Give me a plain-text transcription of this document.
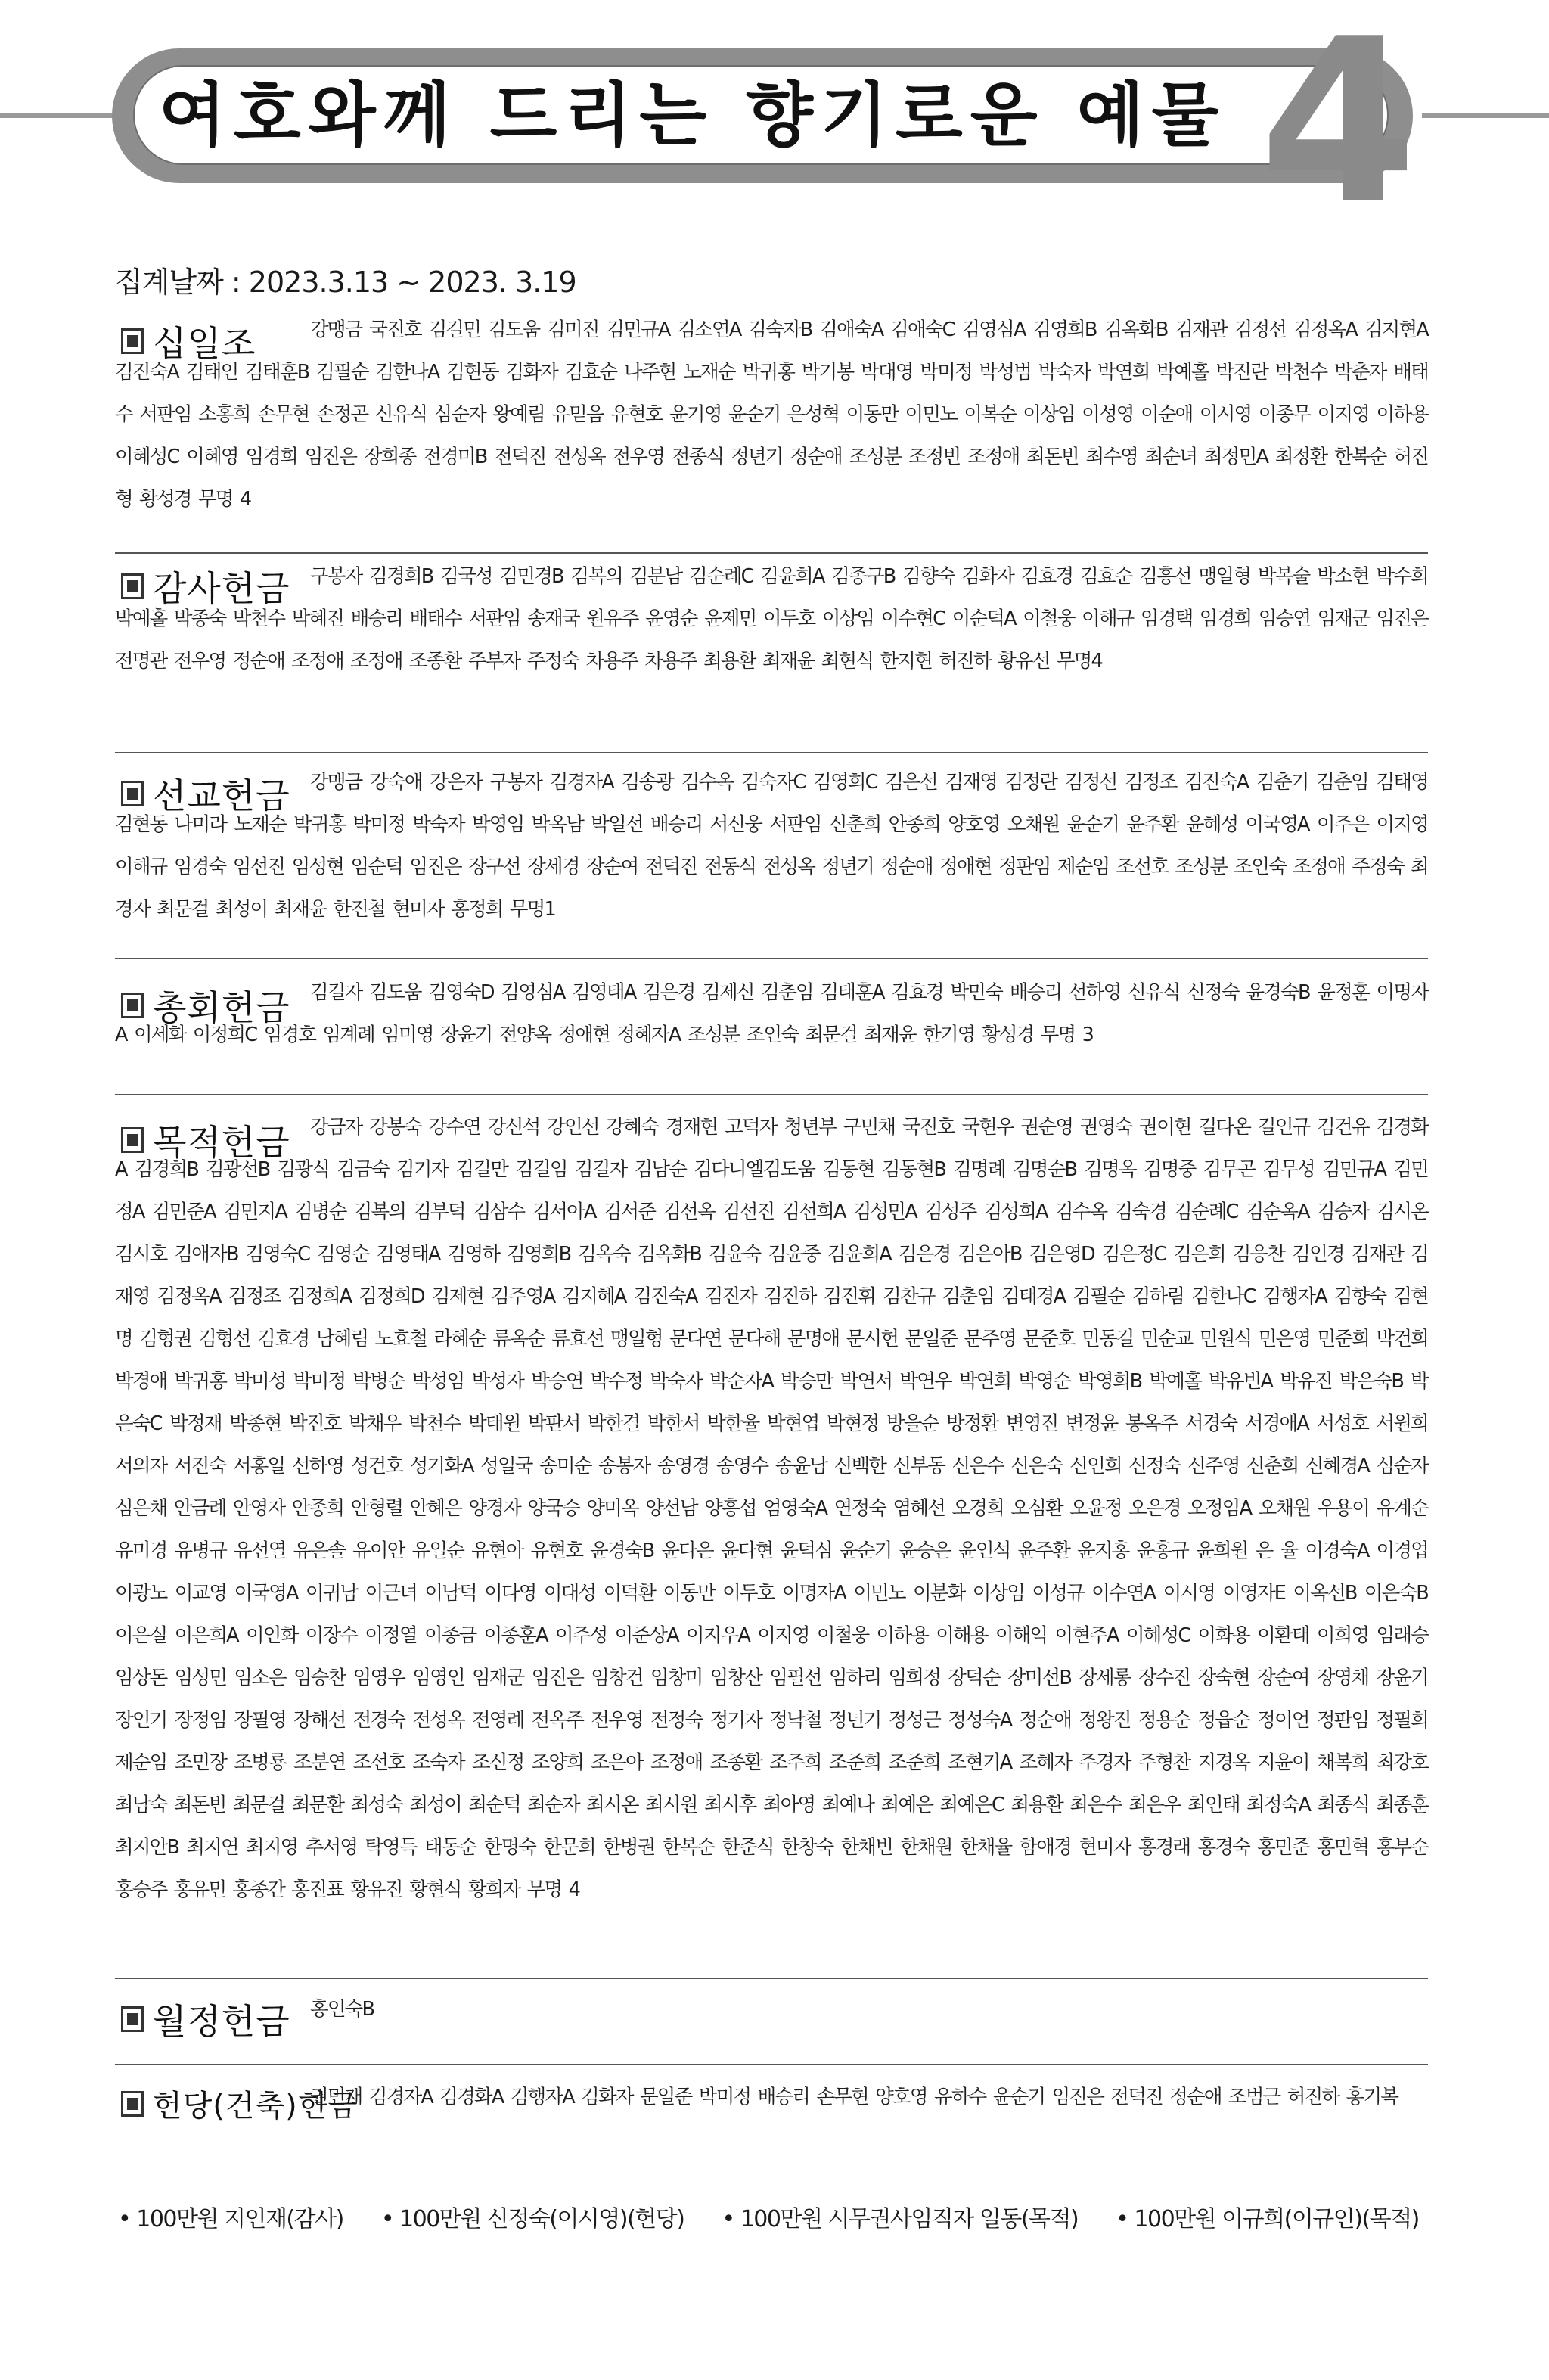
여호와께 드리는 향기로운 예물 4
집계날짜 : 2023.3.13 ~ 2023. 3.19
십일조	강맹금 국진호 김길민 김도움 김미진 김민규A 김소연A 김숙자B 김애숙A 김애숙C 김영심A 김영희B 김옥화B 김재관 김정선 김정옥A 김지현A 김진숙A 김태인 김태훈B 김필순 김한나A 김현동 김화자 김효순 나주현 노재순 박귀홍 박기봉 박대영 박미정 박성범 박숙자 박연희 박예홀 박진란 박천수 박춘자 배태수 서판임 소홍희 손무현 손정곤 신유식 심순자 왕예림 유믿음 유현호 윤기영 윤순기 은성혁 이동만 이민노 이복순 이상임 이성영 이순애 이시영 이종무 이지영 이하용 이혜성C 이혜영 임경희 임진은 장희종 전경미B 전덕진 전성옥 전우영 전종식 정년기 정순애 조성분 조정빈 조정애 최돈빈 최수영 최순녀 최정민A 최정환 한복순 허진형 황성경 무명 4
감사헌금	구봉자 김경희B 김국성 김민경B 김복의 김분남 김순례C 김윤희A 김종구B 김향숙 김화자 김효경 김효순 김흥선 맹일형 박복술 박소현 박수희 박예홀 박종숙 박천수 박혜진 배승리 배태수 서판임 송재국 원유주 윤영순 윤제민 이두호 이상임 이수현C 이순덕A 이철웅 이해규 임경택 임경희 임승연 임재군 임진은 전명관 전우영 정순애 조정애 조정애 조종환 주부자 주정숙 차용주 차용주 최용환 최재윤 최현식 한지현 허진하 황유선 무명4
선교헌금	강맹금 강숙애 강은자 구봉자 김경자A 김송광 김수옥 김숙자C 김영희C 김은선 김재영 김정란 김정선 김정조 김진숙A 김춘기 김춘임 김태영 김현동 나미라 노재순 박귀홍 박미정 박숙자 박영임 박옥남 박일선 배승리 서신웅 서판임 신춘희 안종희 양호영 오채원 윤순기 윤주환 윤혜성 이국영A 이주은 이지영 이해규 임경숙 임선진 임성현 임순덕 임진은 장구선 장세경 장순여 전덕진 전동식 전성옥 정년기 정순애 정애현 정판임 제순임 조선호 조성분 조인숙 조정애 주정숙 최경자 최문걸 최성이 최재윤 한진철 현미자 홍정희 무명1
총회헌금	김길자 김도움 김영숙D 김영심A 김영태A 김은경 김제신 김춘임 김태훈A 김효경 박민숙 배승리 선하영 신유식 신정숙 윤경숙B 윤정훈 이명자A 이세화 이정희C 임경호 임계례 임미영 장윤기 전양옥 정애현 정혜자A 조성분 조인숙 최문걸 최재윤 한기영 황성경 무명 3
목적헌금	강금자 강봉숙 강수연 강신석 강인선 강혜숙 경재현 고덕자 청년부 구민채 국진호 국현우 권순영 권영숙 권이현 길다온 길인규 김건유 김경화A 김경희B 김광선B 김광식 김금숙 김기자 김길만 김길임 김길자 김남순 김다니엘김도움 김동현 김동현B 김명례 김명순B 김명옥 김명중 김무곤 김무성 김민규A 김민정A 김민준A 김민지A 김병순 김복의 김부덕 김삼수 김서아A 김서준 김선옥 김선진 김선희A 김성민A 김성주 김성희A 김수옥 김숙경 김순례C 김순옥A 김승자 김시온 김시호 김애자B 김영숙C 김영순 김영태A 김영하 김영희B 김옥숙 김옥화B 김윤숙 김윤중 김윤희A 김은경 김은아B 김은영D 김은정C 김은희 김응찬 김인경 김재관 김재영 김정옥A 김정조 김정희A 김정희D 김제현 김주영A 김지혜A 김진숙A 김진자 김진하 김진휘 김찬규 김춘임 김태경A 김필순 김하림 김한나C 김행자A 김향숙 김현명 김형권 김형선 김효경 남혜림 노효철 라혜순 류옥순 류효선 맹일형 문다연 문다해 문명애 문시헌 문일준 문주영 문준호 민동길 민순교 민원식 민은영 민준희 박건희 박경애 박귀홍 박미성 박미정 박병순 박성임 박성자 박승연 박수정 박숙자 박순자A 박승만 박연서 박연우 박연희 박영순 박영희B 박예홀 박유빈A 박유진 박은숙B 박은숙C 박정재 박종현 박진호 박채우 박천수 박태원 박판서 박한결 박한서 박한율 박현엽 박현정 방을순 방정환 변영진 변정윤 봉옥주 서경숙 서경애A 서성호 서원희 서의자 서진숙 서홍일 선하영 성건호 성기화A 성일국 송미순 송봉자 송영경 송영수 송윤남 신백한 신부동 신은수 신은숙 신인희 신정숙 신주영 신춘희 신혜경A 심순자 심은채 안금례 안영자 안종희 안형렬 안혜은 양경자 양국승 양미옥 양선남 양흥섭 엄영숙A 연정숙 염혜선 오경희 오심환 오윤정 오은경 오정임A 오채원 우용이 유계순 유미경 유병규 유선열 유은솔 유이안 유일순 유현아 유현호 윤경숙B 윤다은 윤다현 윤덕심 윤순기 윤승은 윤인석 윤주환 윤지홍 윤홍규 윤희원 은 율 이경숙A 이경업 이광노 이교영 이국영A 이귀남 이근녀 이남덕 이다영 이대성 이덕환 이동만 이두호 이명자A 이민노 이분화 이상임 이성규 이수연A 이시영 이영자E 이옥선B 이은숙B 이은실 이은희A 이인화 이장수 이정열 이종금 이종훈A 이주성 이준상A 이지우A 이지영 이철웅 이하용 이해용 이해익 이현주A 이혜성C 이화용 이환태 이희영 임래승 임상돈 임성민 임소은 임승찬 임영우 임영인 임재군 임진은 임창건 임창미 임창산 임필선 임하리 임희정 장덕순 장미선B 장세롱 장수진 장숙현 장순여 장영채 장윤기 장인기 장정임 장필영 장해선 전경숙 전성옥 전영례 전옥주 전우영 전정숙 정기자 정낙철 정년기 정성근 정성숙A 정순애 정왕진 정용순 정읍순 정이언 정판임 정필희 제순임 조민장 조병룡 조분연 조선호 조숙자 조신정 조양희 조은아 조정애 조종환 조주희 조준희 조준희 조현기A 조혜자 주경자 주형찬 지경옥 지윤이 채복희 최강호 최남숙 최돈빈 최문걸 최문환 최성숙 최성이 최순덕 최순자 최시온 최시원 최시후 최아영 최예나 최예은 최예은C 최용환 최은수 최은우 최인태 최정숙A 최종식 최종훈 최지안B 최지연 최지영 추서영 탁영득 태동순 한명숙 한문희 한병권 한복순 한준식 한창숙 한채빈 한채원 한채율 함애경 현미자 홍경래 홍경숙 홍민준 홍민혁 홍부순 홍승주 홍유민 홍종간 홍진표 황유진 황현식 황희자 무명 4
월정헌금	홍인숙B
헌당(건축)헌금
권민재 김경자A 김경화A 김행자A 김화자 문일준 박미정 배승리 손무현 양호영 유하수 윤순기 임진은 전덕진 정순애 조범근 허진하 홍기복
• 100만원 지인재(감사)	• 100만원 신정숙(이시영)(헌당)	• 100만원 시무권사임직자 일동(목적)	• 100만원 이규희(이규인)(목적)
